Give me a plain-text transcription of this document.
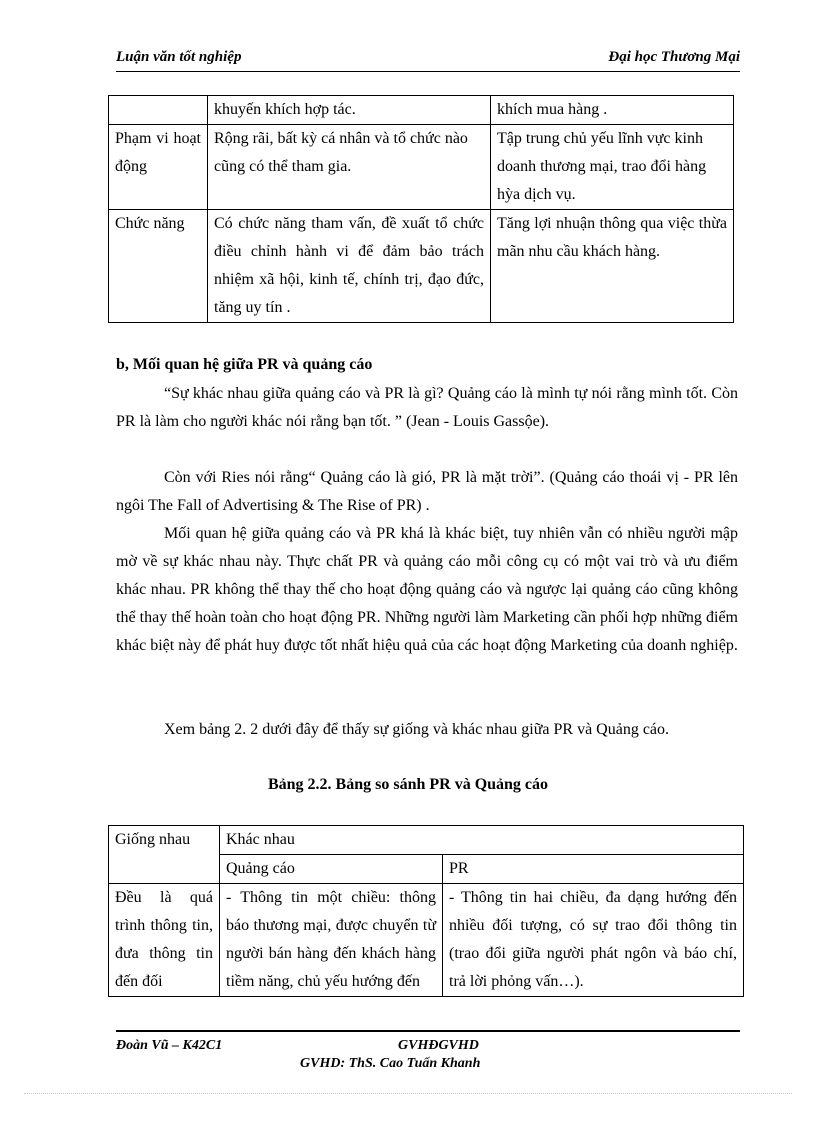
Luận văn tốt nghiệp	Đại học Thương Mại
	khuyến khích hợp tác.	khích mua hàng .
Phạm vi hoạt động	Rộng rãi, bất kỳ cá nhân và tổ chức nào cũng có thể tham gia.	Tập trung chủ yếu lĩnh vực kinh doanh thương mại, trao đổi hàng hỳa dịch vụ.
Chức năng	Có chức năng tham vấn, đề xuất tổ chức điều chỉnh hành vi để đảm bảo trách nhiệm xã hội, kinh tế, chính trị, đạo đức, tăng uy tín .	Tăng lợi nhuận thông qua việc thừa mãn nhu cầu khách hàng.
b, Mối quan hệ giữa PR và quảng cáo
“Sự khác nhau giữa quảng cáo và PR là gì? Quảng cáo là mình tự nói rằng mình tốt. Còn PR là làm cho người khác nói rằng bạn tốt. ” (Jean - Louis Gassộe).
Còn với Ries nói rằng“ Quảng cáo là gió, PR là mặt trời”. (Quảng cáo thoái vị - PR lên ngôi The Fall of Advertising & The Rise of PR) .
Mối quan hệ giữa quảng cáo và PR khá là khác biệt, tuy nhiên vẫn có nhiều người mập mờ về sự khác nhau này. Thực chất PR và quảng cáo mỗi công cụ có một vai trò và ưu điểm khác nhau. PR không thể thay thế cho hoạt động quảng cáo và ngược lại quảng cáo cũng không thể thay thế hoàn toàn cho hoạt động PR. Những người làm Marketing cần phối hợp những điểm khác biệt này để phát huy được tốt nhất hiệu quả của các hoạt động Marketing của doanh nghiệp.
Xem bảng 2. 2 dưới đây để thấy sự giống và khác nhau giữa PR và Quảng cáo.
Bảng 2.2. Bảng so sánh PR và Quảng cáo
Giống nhau	Khác nhau	
	Quảng cáo	PR
Đều là quá trình thông tin, đưa thông tin đến đối	- Thông tin một chiều: thông báo thương mại, được chuyển từ người bán hàng đến khách hàng tiềm năng, chủ yếu hướng đến	- Thông tin hai chiều, đa dạng hướng đến nhiều đối tượng, có sự trao đổi thông tin (trao đổi giữa người phát ngôn và báo chí, trả lời phỏng vấn…).
Đoàn Vũ – K42C1	GVHĐGVHD
GVHD: ThS. Cao Tuấn Khanh
